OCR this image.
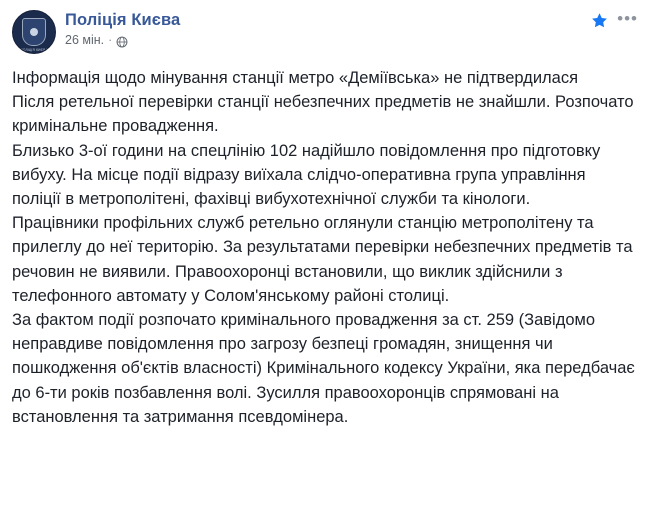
ПОЛІЦІЯ КИЄВА
Поліція Києва
26 мін. ·
•••

Інформація щодо мінування станції метро «Деміївська» не підтвердилася

Після ретельної перевірки станції небезпечних предметів не знайшли. Розпочато кримінальне провадження.

Близько 3-ої години на спецлінію 102 надійшло повідомлення про підготовку вибуху. На місце події відразу виїхала слідчо-оперативна група управління поліції в метрополітені, фахівці вибухотехнічної служби та кінологи.

Працівники профільних служб ретельно оглянули станцію метрополітену та прилеглу до неї територію. За результатами перевірки небезпечних предметів та речовин не виявили. Правоохоронці встановили, що виклик здійснили з телефонного автомату у Солом'янському районі столиці.

За фактом події розпочато кримінального провадження за ст. 259 (Завідомо неправдиве повідомлення про загрозу безпеці громадян, знищення чи пошкодження об'єктів власності) Кримінального кодексу України, яка передбачає до 6-ти років позбавлення волі. Зусилля правоохоронців спрямовані на встановлення та затримання псевдомінера.
